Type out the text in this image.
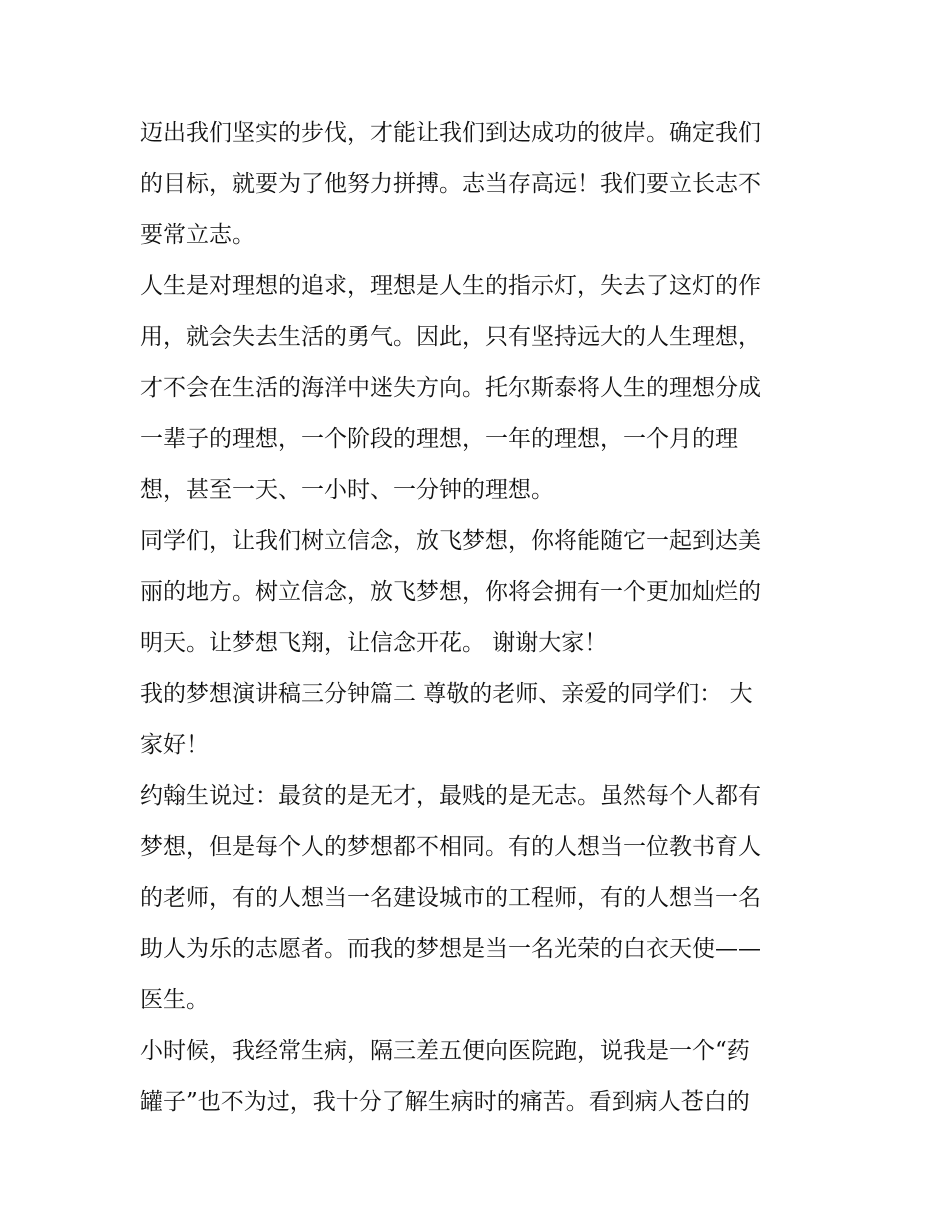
迈出我们坚实的步伐，才能让我们到达成功的彼岸。确定我们
的目标，就要为了他努力拼搏。志当存高远！我们要立长志不
要常立志。
人生是对理想的追求，理想是人生的指示灯，失去了这灯的作
用，就会失去生活的勇气。因此，只有坚持远大的人生理想，
才不会在生活的海洋中迷失方向。托尔斯泰将人生的理想分成
一辈子的理想，一个阶段的理想，一年的理想，一个月的理
想，甚至一天、一小时、一分钟的理想。
同学们，让我们树立信念，放飞梦想，你将能随它一起到达美
丽的地方。树立信念，放飞梦想，你将会拥有一个更加灿烂的
明天。让梦想飞翔，让信念开花。 谢谢大家！
我的梦想演讲稿三分钟篇二 尊敬的老师、亲爱的同学们： 大
家好！
约翰生说过：最贫的是无才，最贱的是无志。虽然每个人都有
梦想，但是每个人的梦想都不相同。有的人想当一位教书育人
的老师，有的人想当一名建设城市的工程师，有的人想当一名
助人为乐的志愿者。而我的梦想是当一名光荣的白衣天使——
医生。
小时候，我经常生病，隔三差五便向医院跑，说我是一个“药
罐子”也不为过，我十分了解生病时的痛苦。看到病人苍白的
